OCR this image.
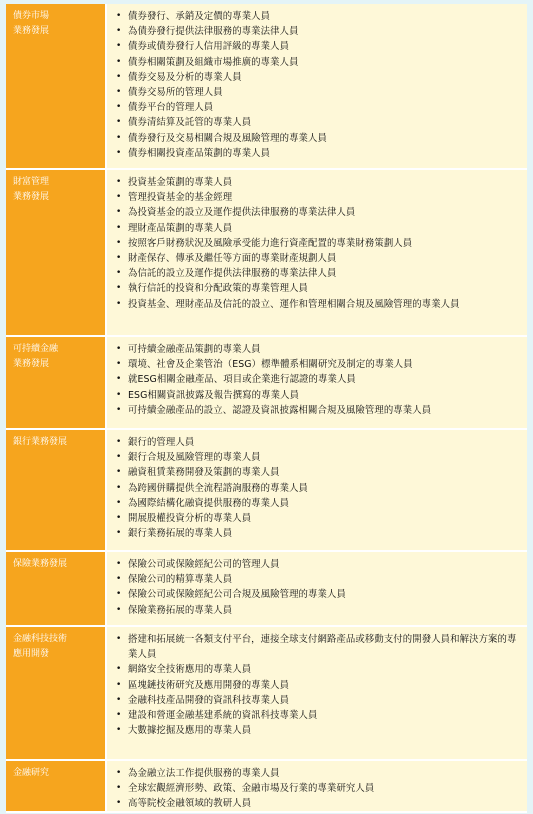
債券市場
業務發展
• 債券發行、承銷及定價的專業人員
• 為債券發行提供法律服務的專業法律人員
• 債券或債券發行人信用評級的專業人員
• 債券相關策劃及組織市場推廣的專業人員
• 債券交易及分析的專業人員
• 債券交易所的管理人員
• 債券平台的管理人員
• 債券清結算及託管的專業人員
• 債券發行及交易相關合規及風險管理的專業人員
• 債券相關投資產品策劃的專業人員
財富管理
業務發展
• 投資基金策劃的專業人員
• 管理投資基金的基金經理
• 為投資基金的設立及運作提供法律服務的專業法律人員
• 理財產品策劃的專業人員
• 按照客戶財務狀況及風險承受能力進行資產配置的專業財務策劃人員
• 財產保存、傳承及繼任等方面的專業財產規劃人員
• 為信託的設立及運作提供法律服務的專業法律人員
• 執行信託的投資和分配政策的專業管理人員
• 投資基金、理財產品及信託的設立、運作和管理相關合規及風險管理的專業人員
可持續金融
業務發展
• 可持續金融產品策劃的專業人員
• 環境、社會及企業管治（ESG）標準體系相關研究及制定的專業人員
• 就ESG相關金融產品、項目或企業進行認證的專業人員
• ESG相關資訊披露及報告撰寫的專業人員
• 可持續金融產品的設立、認證及資訊披露相關合規及風險管理的專業人員
銀行業務發展	• 銀行的管理人員
• 銀行合規及風險管理的專業人員
• 融資租賃業務開發及策劃的專業人員
• 為跨國併購提供全流程諮詢服務的專業人員
• 為國際結構化融資提供服務的專業人員
• 開展股權投資分析的專業人員
• 銀行業務拓展的專業人員
保險業務發展	• 保險公司或保險經紀公司的管理人員
• 保險公司的精算專業人員
• 保險公司或保險經紀公司合規及風險管理的專業人員
• 保險業務拓展的專業人員
金融科技技術
應用開發
• 搭建和拓展統一各類支付平台，連接全球支付網路產品或移動支付的開發人員和解決方案的專業人員
• 網絡安全技術應用的專業人員
• 區塊鏈技術研究及應用開發的專業人員
• 金融科技產品開發的資訊科技專業人員
• 建設和營運金融基建系統的資訊科技專業人員
• 大數據挖掘及應用的專業人員
金融研究	• 為金融立法工作提供服務的專業人員
• 全球宏觀經濟形勢、政策、金融市場及行業的專業研究人員
• 高等院校金融領域的教研人員
